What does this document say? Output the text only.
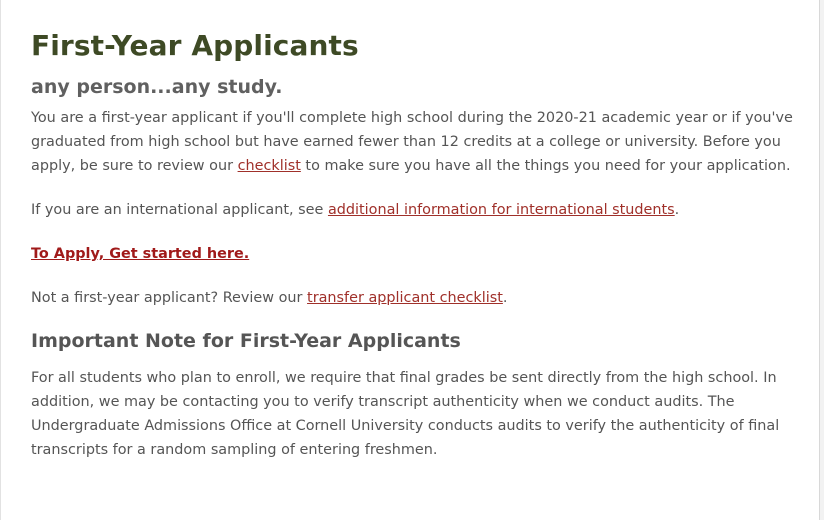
First-Year Applicants
any person...any study.

You are a first-year applicant if you'll complete high school during the 2020-21 academic year or if you've graduated from high school but have earned fewer than 12 credits at a college or university. Before you apply, be sure to review our checklist to make sure you have all the things you need for your application.

If you are an international applicant, see additional information for international students.

To Apply, Get started here.

Not a first-year applicant? Review our transfer applicant checklist.

Important Note for First-Year Applicants

For all students who plan to enroll, we require that final grades be sent directly from the high school. In addition, we may be contacting you to verify transcript authenticity when we conduct audits. The Undergraduate Admissions Office at Cornell University conducts audits to verify the authenticity of final transcripts for a random sampling of entering freshmen.
